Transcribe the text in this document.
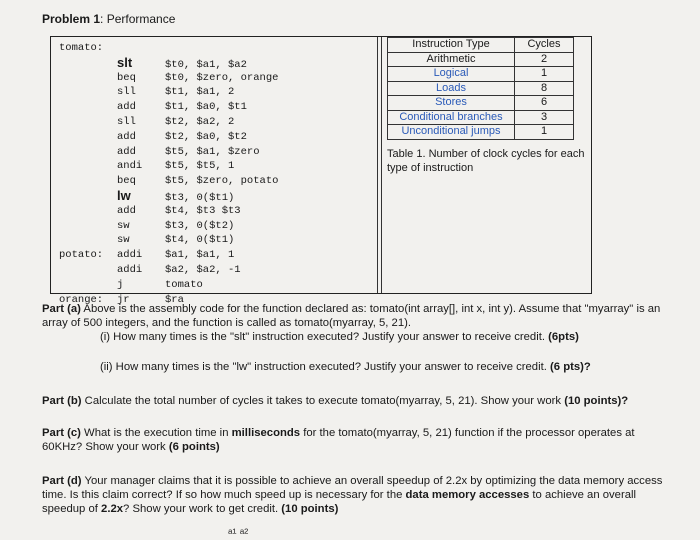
Problem 1: Performance
tomato:
slt	$t0, $a1, $a2
beq	$t0, $zero, orange
sll	$t1, $a1, 2
add	$t1, $a0, $t1
sll	$t2, $a2, 2
add	$t2, $a0, $t2
add	$t5, $a1, $zero
andi $t5, $t5, 1
beq	$t5, $zero, potato
lw	$t3, 0($t1)
add	$t4, $t3 $t3
sw	$t3, 0($t2)
sw	$t4, 0($t1)
potato: addi $a1, $a1, 1
addi $a2, $a2, -1
j	tomato
orange: jr	$ra
Instruction Type	Cycles
Arithmetic	2
Logical	1
Loads	8
Stores	6
Conditional branches	3
Unconditional jumps	1
Table 1. Number of clock cycles for each type of instruction

Part (a) Above is the assembly code for the function declared as: tomato(int array[], int x, int y). Assume that "myarray" is an array of 500 integers, and the function is called as tomato(myarray, 5, 21).
(i) How many times is the "slt" instruction executed? Justify your answer to receive credit. (6pts)

(ii) How many times is the "lw" instruction executed? Justify your answer to receive credit. (6 pts)?

Part (b) Calculate the total number of cycles it takes to execute tomato(myarray, 5, 21). Show your work (10 points)?

Part (c) What is the execution time in milliseconds for the tomato(myarray, 5, 21) function if the processor operates at 60KHz? Show your work (6 points)

Part (d) Your manager claims that it is possible to achieve an overall speedup of 2.2x by optimizing the data memory access time. Is this claim correct? If so how much speed up is necessary for the data memory accesses to achieve an overall speedup of 2.2x? Show your work to get credit. (10 points)

ᵃ¹ ᵃ²
